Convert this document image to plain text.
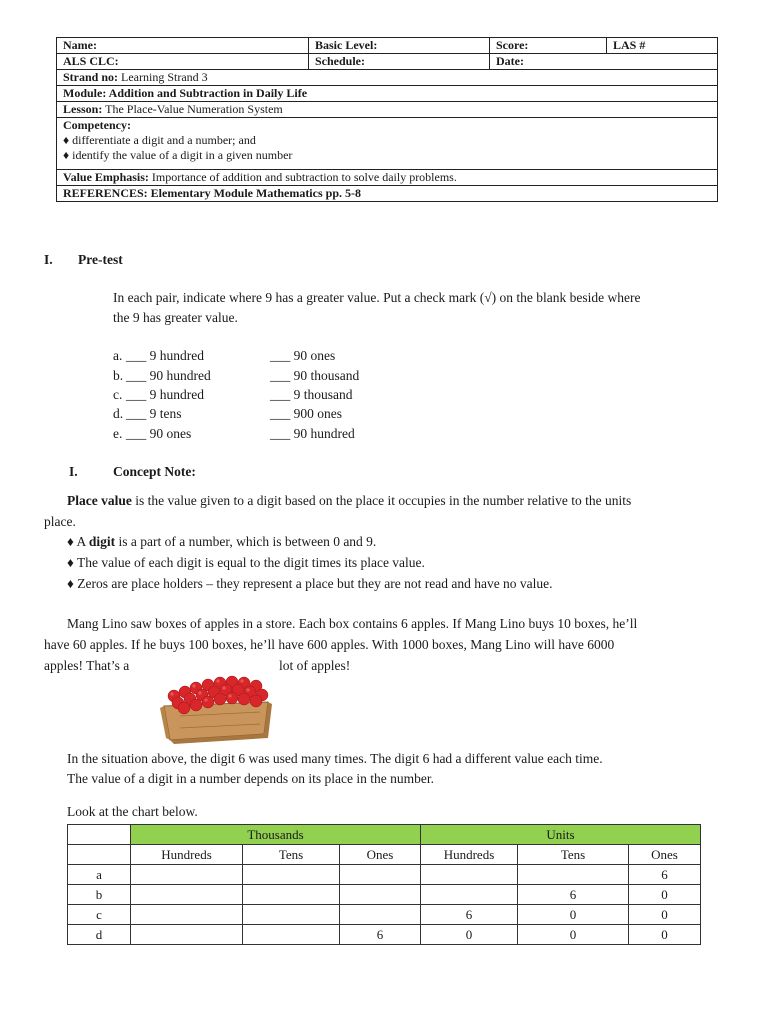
Name:	Basic Level:	Score:	LAS #
ALS CLC:	Schedule:	Date:	
Strand no: Learning Strand 3			
Module: Addition and Subtraction in Daily Life			
Lesson: The Place-Value Numeration System			
Competency:
♦ differentiate a digit and a number; and
♦ identify the value of a digit in a given number			
Value Emphasis: Importance of addition and subtraction to solve daily problems.			
REFERENCES: Elementary Module Mathematics pp. 5-8			
I. Pre-test
In each pair, indicate where 9 has a greater value. Put a check mark (√) on the blank beside where
the 9 has greater value.
a. ___ 9 hundred	___ 90 ones
b. ___ 90 hundred	___ 90 thousand
c. ___ 9 hundred	___ 9 thousand
d. ___ 9 tens	___ 900 ones
e. ___ 90 ones	___ 90 hundred
I.	Concept Note:
Place value is the value given to a digit based on the place it occupies in the number relative to the units
place.
♦ A digit is a part of a number, which is between 0 and 9.
♦ The value of each digit is equal to the digit times its place value.
♦ Zeros are place holders – they represent a place but they are not read and have no value.
Mang Lino saw boxes of apples in a store. Each box contains 6 apples. If Mang Lino buys 10 boxes, he’ll
have 60 apples. If he buys 100 boxes, he’ll have 600 apples. With 1000 boxes, Mang Lino will have 6000
apples! That’s a	lot of apples!
In the situation above, the digit 6 was used many times. The digit 6 had a different value each time.
The value of a digit in a number depends on its place in the number.
Look at the chart below.
	Thousands			Units		
	Hundreds	Tens	Ones	Hundreds	Tens	Ones
a						6
b					6	0
c				6	0	0
d			6	0	0	0
